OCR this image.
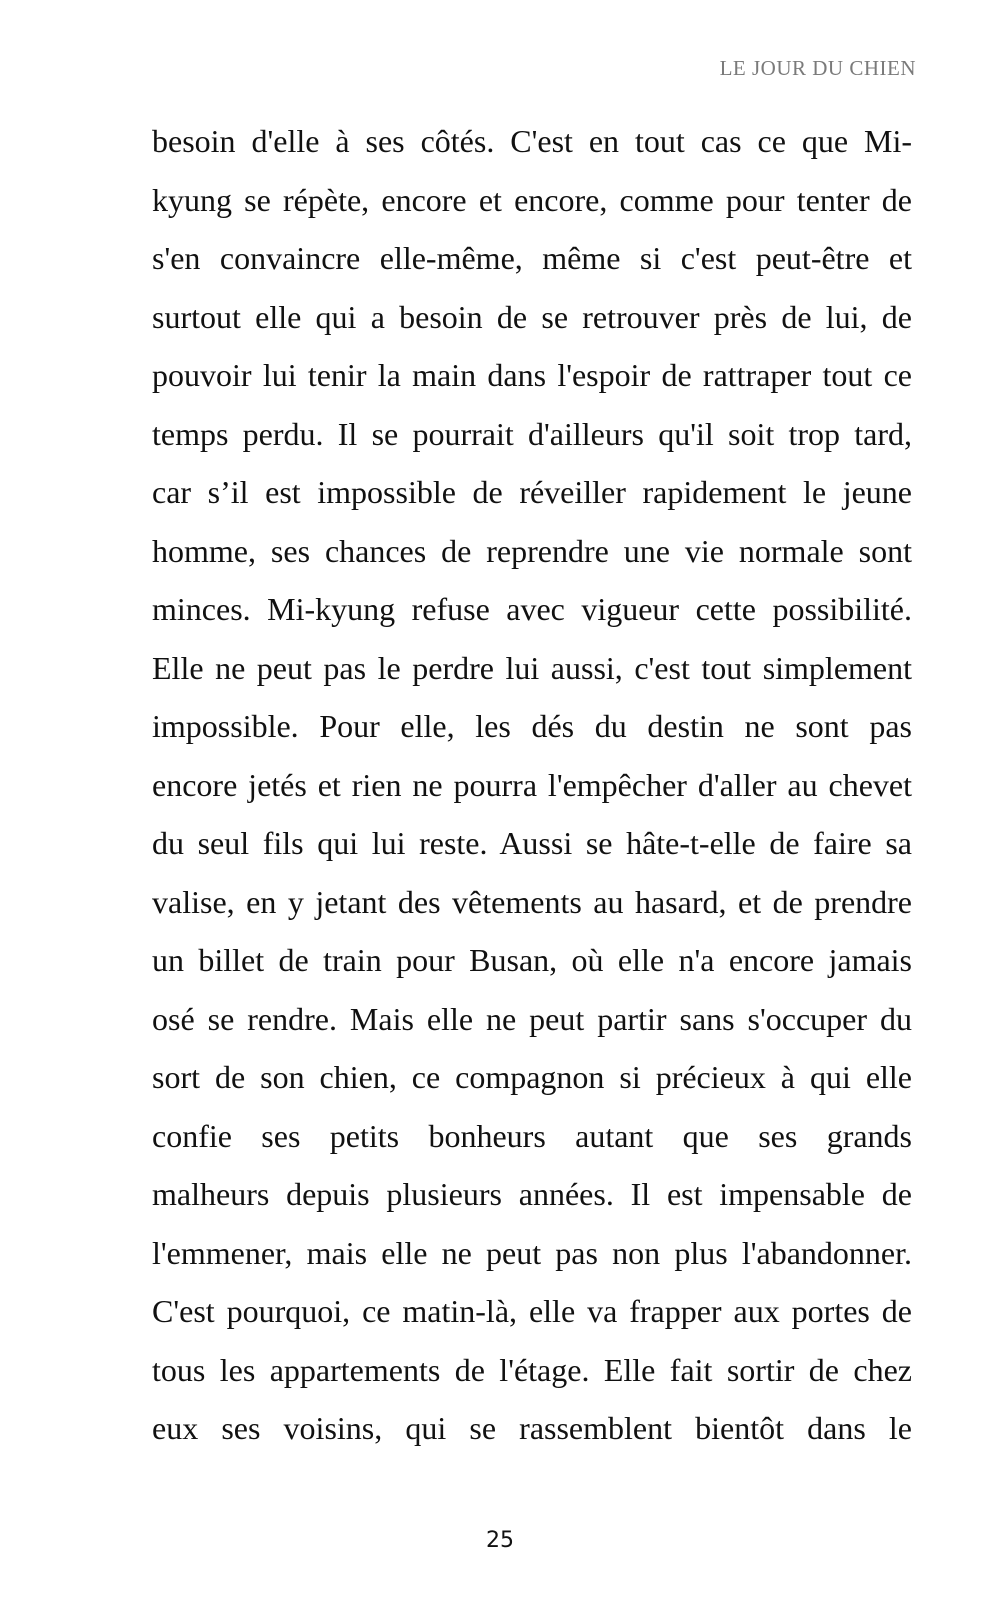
LE JOUR DU CHIEN
besoin d'elle à ses côtés. C'est en tout cas ce que Mi-
kyung se répète, encore et encore, comme pour tenter de
s'en convaincre elle-même, même si c'est peut-être et
surtout elle qui a besoin de se retrouver près de lui, de
pouvoir lui tenir la main dans l'espoir de rattraper tout ce
temps perdu. Il se pourrait d'ailleurs qu'il soit trop tard,
car s’il est impossible de réveiller rapidement le jeune
homme, ses chances de reprendre une vie normale sont
minces. Mi-kyung refuse avec vigueur cette possibilité.
Elle ne peut pas le perdre lui aussi, c'est tout simplement
impossible. Pour elle, les dés du destin ne sont pas
encore jetés et rien ne pourra l'empêcher d'aller au chevet
du seul fils qui lui reste. Aussi se hâte-t-elle de faire sa
valise, en y jetant des vêtements au hasard, et de prendre
un billet de train pour Busan, où elle n'a encore jamais
osé se rendre. Mais elle ne peut partir sans s'occuper du
sort de son chien, ce compagnon si précieux à qui elle
confie ses petits bonheurs autant que ses grands
malheurs depuis plusieurs années. Il est impensable de
l'emmener, mais elle ne peut pas non plus l'abandonner.
C'est pourquoi, ce matin-là, elle va frapper aux portes de
tous les appartements de l'étage. Elle fait sortir de chez
eux ses voisins, qui se rassemblent bientôt dans le
25
